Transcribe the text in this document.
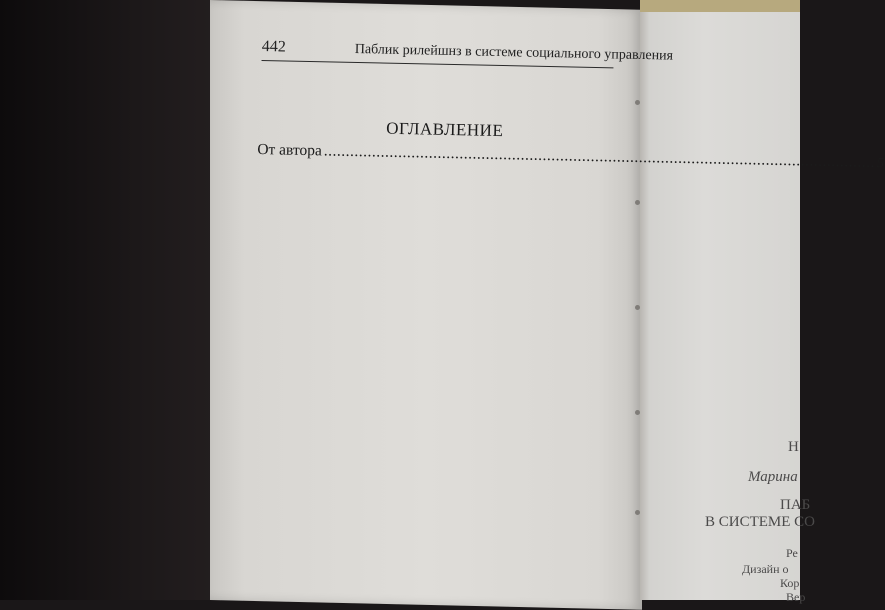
Н
Марина
ПАБ
В СИСТЕМЕ СО
Ре
Дизайн о
Кор
Вер
442	Паблик рилейшнз в системе социального управления
ОГЛАВЛЕНИЕ
От автора
.....
5
